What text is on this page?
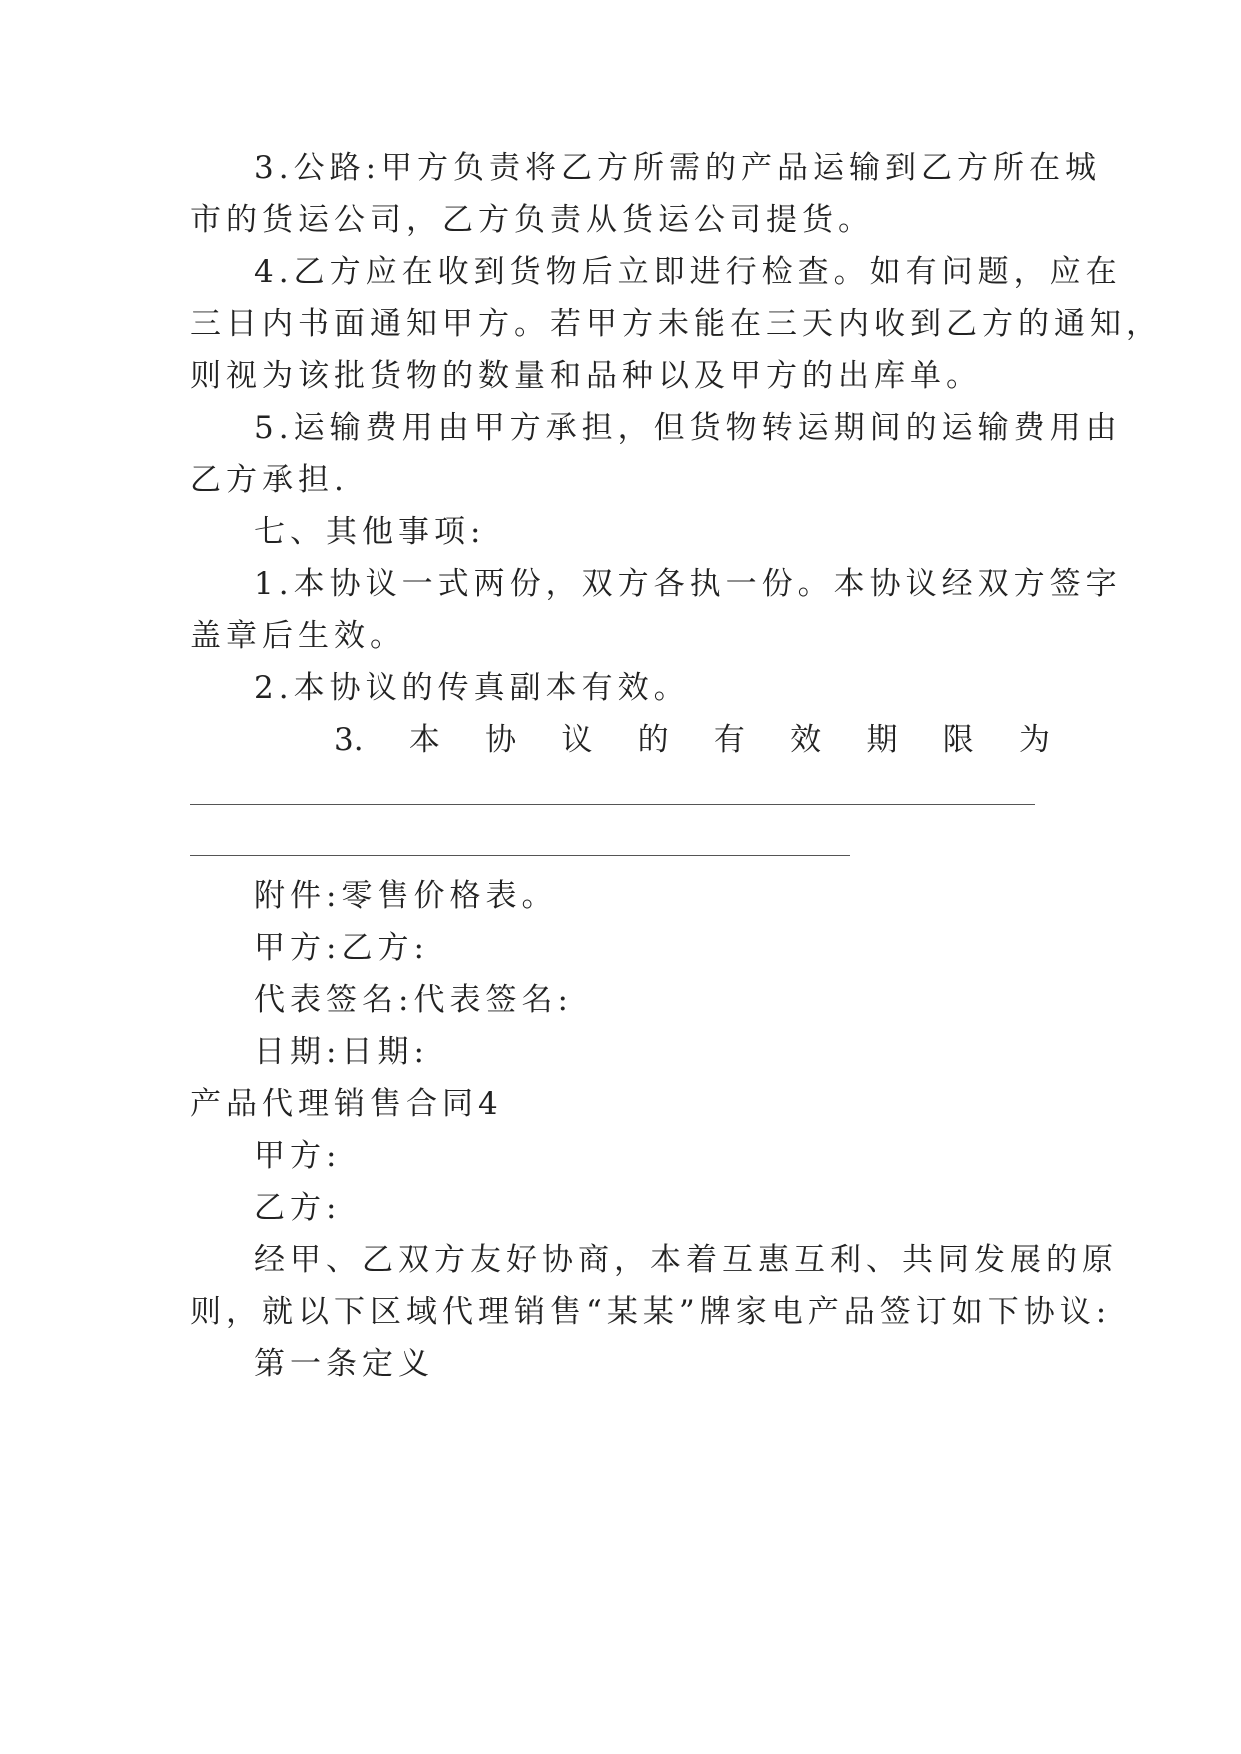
3.公路:甲方负责将乙方所需的产品运输到乙方所在城
市的货运公司，乙方负责从货运公司提货。
4.乙方应在收到货物后立即进行检查。如有问题，应在
三日内书面通知甲方。若甲方未能在三天内收到乙方的通知，
则视为该批货物的数量和品种以及甲方的出库单。
5.运输费用由甲方承担，但货物转运期间的运输费用由
乙方承担.
七、其他事项:
1.本协议一式两份，双方各执一份。本协议经双方签字
盖章后生效。
2.本协议的传真副本有效。
3. 本 协 议 的 有 效 期 限 为
附件:零售价格表。
甲方:乙方:
代表签名:代表签名:
日期:日期:
产品代理销售合同4
甲方:
乙方:
经甲、乙双方友好协商，本着互惠互利、共同发展的原
则，就以下区域代理销售“某某”牌家电产品签订如下协议:
第一条定义
